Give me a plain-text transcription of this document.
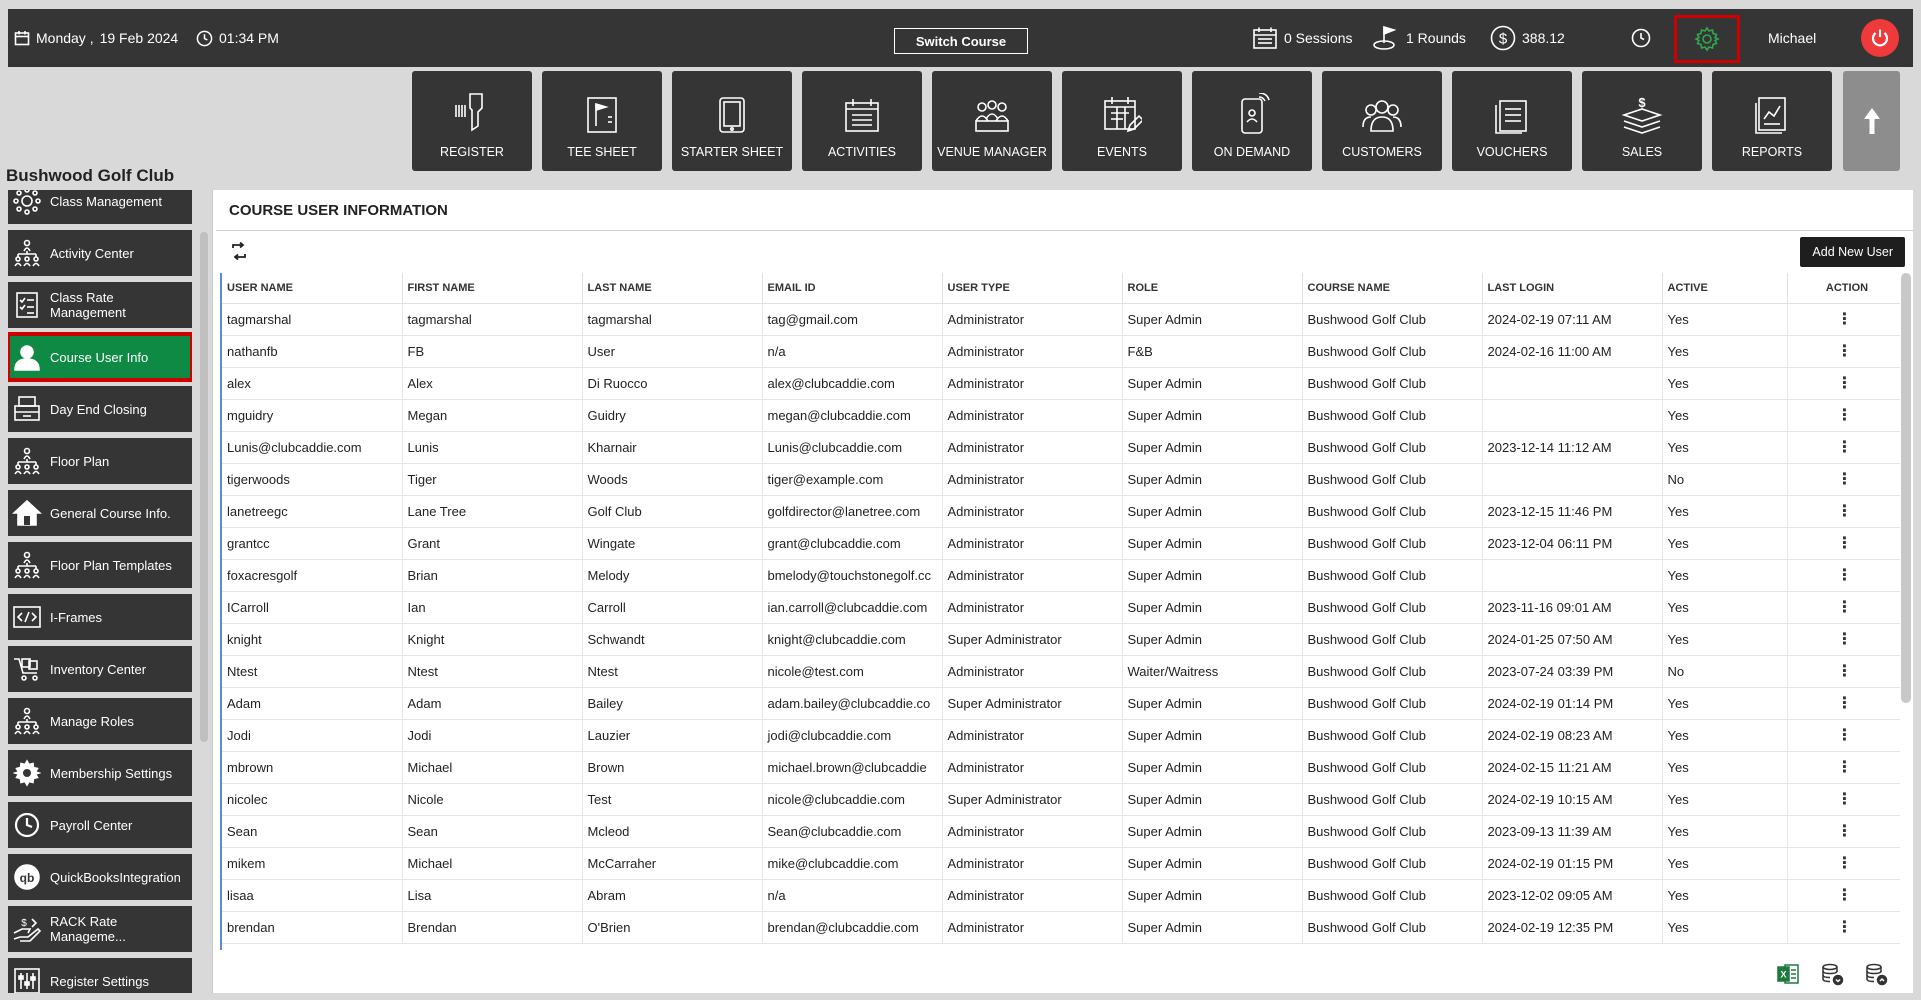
Monday , 19 Feb 2024	01:34 PM	Switch Course	0 Sessions	1 Rounds $ 388.12	Michael
Bushwood Golf Club
REGISTER	TEE SHEET	STARTER SHEET	ACTIVITIES	VENUE MANAGER	EVENTS	ON DEMAND	CUSTOMERS	VOUCHERS
$
SALES	REPORTS
Class Management
Activity Center
Class Rate Management
Course User Info
Day End Closing
Floor Plan
General Course Info.
Floor Plan Templates
I-Frames
Inventory Center
Manage Roles
Membership Settings
Payroll Center
qb QuickBooksIntegration
$ RACK Rate Manageme...
Register Settings
COURSE USER INFORMATION
Add New User
USER NAME	FIRST NAME	LAST NAME	EMAIL ID	USER TYPE	ROLE	COURSE NAME	LAST LOGIN	ACTIVE	ACTION
tagmarshal	tagmarshal	tagmarshal	tag@gmail.com	Administrator	Super Admin	Bushwood Golf Club	2024-02-19 07:11 AM	Yes	⋮
nathanfb	FB	User	n/a	Administrator	F&B	Bushwood Golf Club	2024-02-16 11:00 AM	Yes	⋮
alex	Alex	Di Ruocco	alex@clubcaddie.com	Administrator	Super Admin	Bushwood Golf Club		Yes	⋮
mguidry	Megan	Guidry	megan@clubcaddie.com	Administrator	Super Admin	Bushwood Golf Club		Yes	⋮
Lunis@clubcaddie.com	Lunis	Kharnair	Lunis@clubcaddie.com	Administrator	Super Admin	Bushwood Golf Club	2023-12-14 11:12 AM	Yes	⋮
tigerwoods	Tiger	Woods	tiger@example.com	Administrator	Super Admin	Bushwood Golf Club		No	⋮
lanetreegc	Lane Tree	Golf Club	golfdirector@lanetree.com	Administrator	Super Admin	Bushwood Golf Club	2023-12-15 11:46 PM	Yes	⋮
grantcc	Grant	Wingate	grant@clubcaddie.com	Administrator	Super Admin	Bushwood Golf Club	2023-12-04 06:11 PM	Yes	⋮
foxacresgolf	Brian	Melody	bmelody@touchstonegolf.cc	Administrator	Super Admin	Bushwood Golf Club		Yes	⋮
ICarroll	Ian	Carroll	ian.carroll@clubcaddie.com	Administrator	Super Admin	Bushwood Golf Club	2023-11-16 09:01 AM	Yes	⋮
knight	Knight	Schwandt	knight@clubcaddie.com	Super Administrator	Super Admin	Bushwood Golf Club	2024-01-25 07:50 AM	Yes	⋮
Ntest	Ntest	Ntest	nicole@test.com	Administrator	Waiter/Waitress	Bushwood Golf Club	2023-07-24 03:39 PM	No	⋮
Adam	Adam	Bailey	adam.bailey@clubcaddie.co	Super Administrator	Super Admin	Bushwood Golf Club	2024-02-19 01:14 PM	Yes	⋮
Jodi	Jodi	Lauzier	jodi@clubcaddie.com	Administrator	Super Admin	Bushwood Golf Club	2024-02-19 08:23 AM	Yes	⋮
mbrown	Michael	Brown	michael.brown@clubcaddie	Administrator	Super Admin	Bushwood Golf Club	2024-02-15 11:21 AM	Yes	⋮
nicolec	Nicole	Test	nicole@clubcaddie.com	Super Administrator	Super Admin	Bushwood Golf Club	2024-02-19 10:15 AM	Yes	⋮
Sean	Sean	Mcleod	Sean@clubcaddie.com	Administrator	Super Admin	Bushwood Golf Club	2023-09-13 11:39 AM	Yes	⋮
mikem	Michael	McCarraher	mike@clubcaddie.com	Administrator	Super Admin	Bushwood Golf Club	2024-02-19 01:15 PM	Yes	⋮
lisaa	Lisa	Abram	n/a	Administrator	Super Admin	Bushwood Golf Club	2023-12-02 09:05 AM	Yes	⋮
brendan	Brendan	O'Brien	brendan@clubcaddie.com	Administrator	Super Admin	Bushwood Golf Club	2024-02-19 12:35 PM	Yes	⋮
X
